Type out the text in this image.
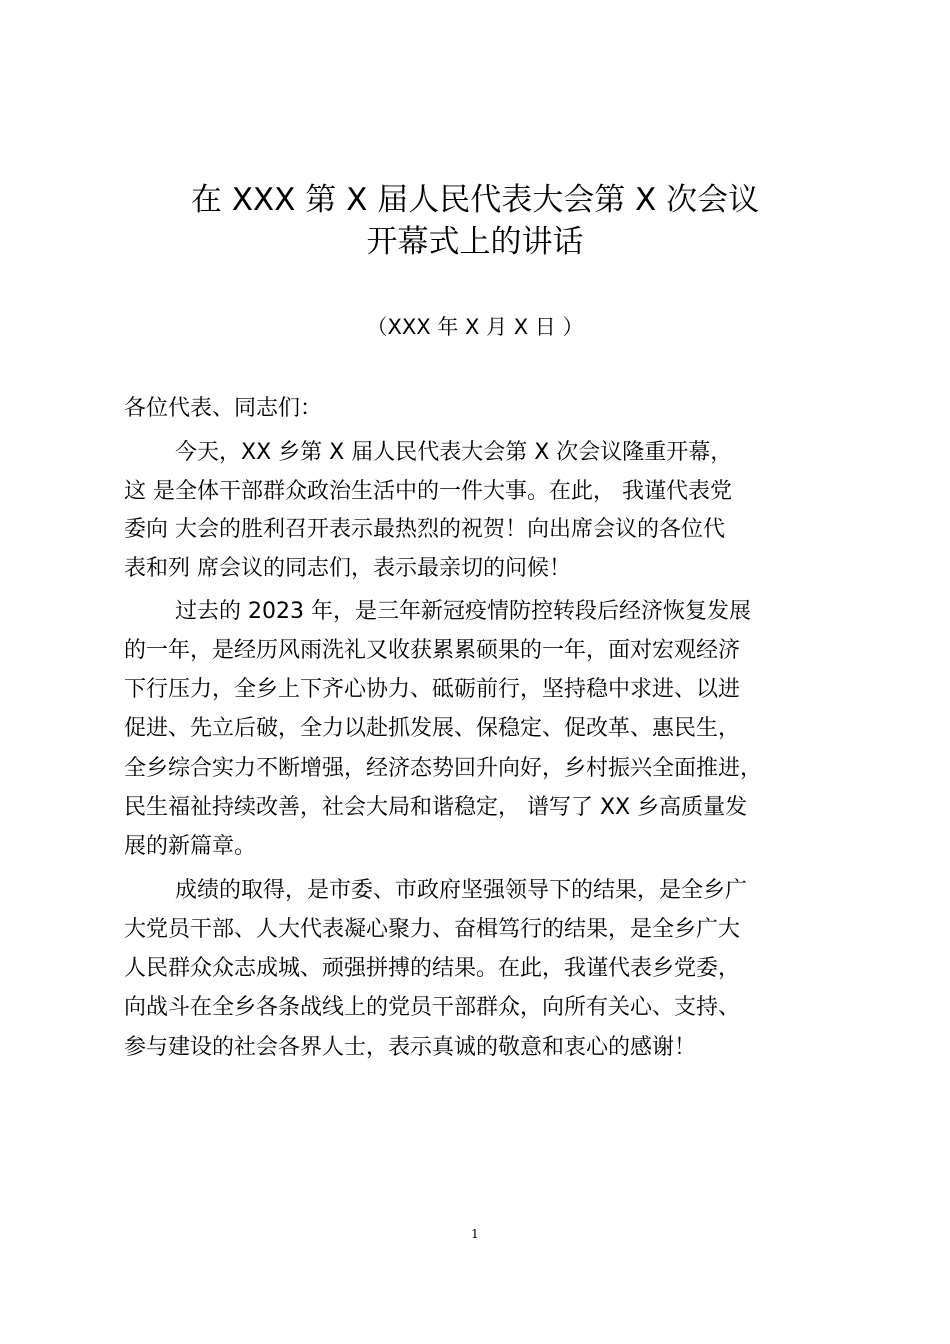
在 XXX 第 X 届人民代表大会第 X 次会议
开幕式上的讲话
（XXX 年 X 月 X 日 ）
各位代表、同志们：
今天，XX 乡第 X 届人民代表大会第 X 次会议隆重开幕，
这 是全体干部群众政治生活中的一件大事。在此， 我谨代表党
委向 大会的胜利召开表示最热烈的祝贺！向出席会议的各位代
表和列 席会议的同志们，表示最亲切的问候！
过去的 2023 年，是三年新冠疫情防控转段后经济恢复发展
的一年，是经历风雨洗礼又收获累累硕果的一年，面对宏观经济
下行压力，全乡上下齐心协力、砥砺前行，坚持稳中求进、以进
促进、先立后破，全力以赴抓发展、保稳定、促改革、惠民生，
全乡综合实力不断增强，经济态势回升向好，乡村振兴全面推进，
民生福祉持续改善，社会大局和谐稳定， 谱写了 XX 乡高质量发
展的新篇章。
成绩的取得，是市委、市政府坚强领导下的结果，是全乡广
大党员干部、人大代表凝心聚力、奋楫笃行的结果，是全乡广大
人民群众众志成城、顽强拼搏的结果。在此，我谨代表乡党委，
向战斗在全乡各条战线上的党员干部群众，向所有关心、支持、
参与建设的社会各界人士，表示真诚的敬意和衷心的感谢！
1
